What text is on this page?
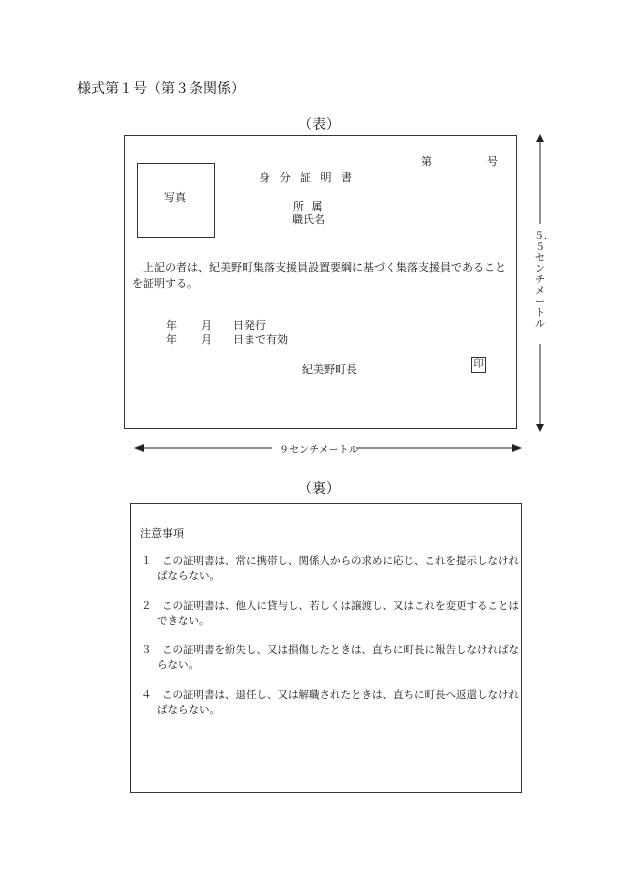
様式第１号（第３条関係）
（表）
第	号
身 分 証 明 書
写真
所 属
職氏名
上記の者は、紀美野町集落支援員設置要綱に基づく集落支援員であることを証明する。
年 月 日発行
年 月 日まで有効
紀美野町長	印
５．５センチメートル
９センチメートル
（裏）
注意事項
１　 この証明書は、常に携帯し、関係人からの求めに応じ、これを提示しなければならない。
２　 この証明書は、他人に貸与し、若しくは譲渡し、又はこれを変更することはできない。
３　 この証明書を紛失し、又は損傷したときは、直ちに町長に報告しなければならない。
４　 この証明書は、退任し、又は解職されたときは、直ちに町長へ返還しなければならない。
